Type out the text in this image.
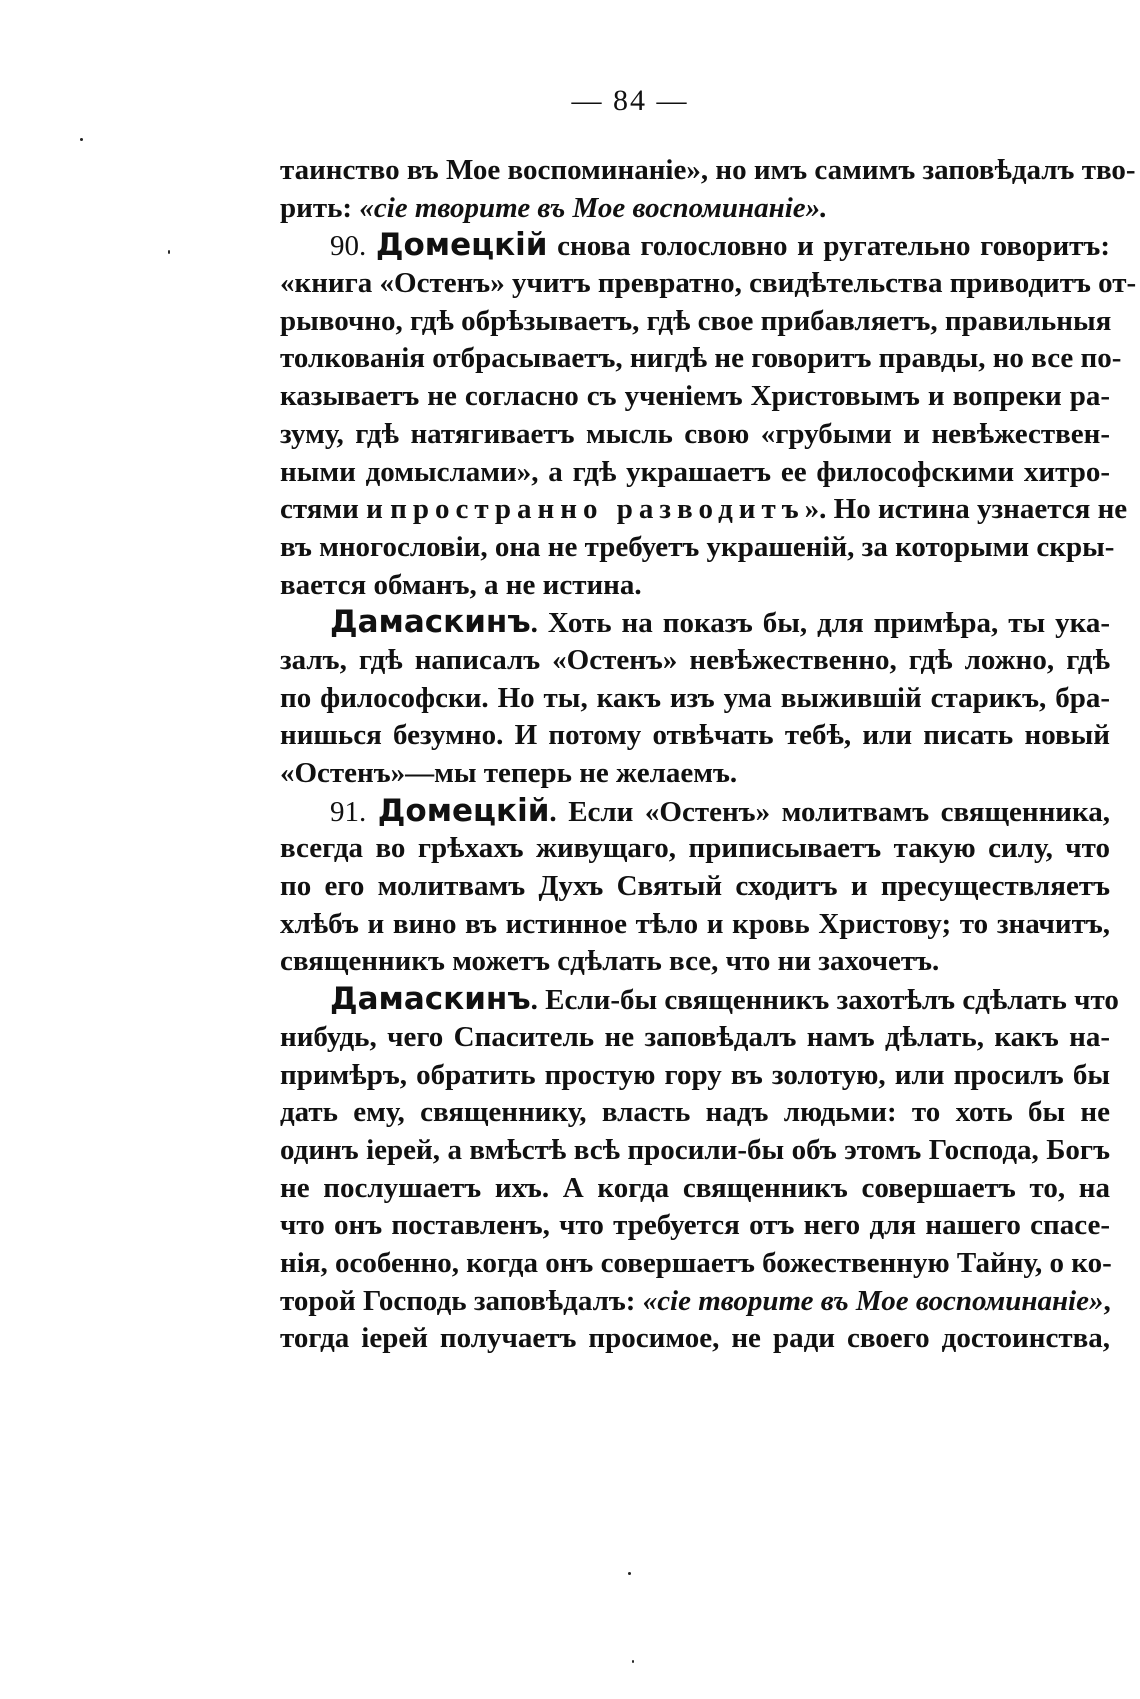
— 84 —
таинство въ Мое воспоминаніе», но имъ самимъ заповѣдалъ тво-
рить: «сіе творите въ Мое воспоминаніе».
90. Домецкій снова голословно и ругательно говоритъ:
«книга «Остенъ» учитъ превратно, свидѣтельства приводитъ от-
рывочно, гдѣ обрѣзываетъ, гдѣ свое прибавляетъ, правильныя
толкованія отбрасываетъ, нигдѣ не говоритъ правды, но все по-
казываетъ не согласно съ ученіемъ Христовымъ и вопреки ра-
зуму, гдѣ натягиваетъ мысль свою «грубыми и невѣжествен-
ными домыслами», а гдѣ украшаетъ ее философскими хитро-
стями и пространно разводитъ». Но истина узнается не
въ многословіи, она не требуетъ украшеній, за которыми скры-
вается обманъ, а не истина.
Дамаскинъ. Хоть на показъ бы, для примѣра, ты ука-
залъ, гдѣ написалъ «Остенъ» невѣжественно, гдѣ ложно, гдѣ
по философски. Но ты, какъ изъ ума выжившій старикъ, бра-
нишься безумно. И потому отвѣчать тебѣ, или писать новый
«Остенъ»—мы теперь не желаемъ.
91. Домецкій. Если «Остенъ» молитвамъ священника,
всегда во грѣхахъ живущаго, приписываетъ такую силу, что
по его молитвамъ Духъ Святый сходитъ и пресуществляетъ
хлѣбъ и вино въ истинное тѣло и кровь Христову; то значитъ,
священникъ можетъ сдѣлать все, что ни захочетъ.
Дамаскинъ. Если-бы священникъ захотѣлъ сдѣлать что
нибудь, чего Спаситель не заповѣдалъ намъ дѣлать, какъ на-
примѣръ, обратить простую гору въ золотую, или просилъ бы
дать ему, священнику, власть надъ людьми: то хоть бы не
одинъ іерей, а вмѣстѣ всѣ просили-бы объ этомъ Господа, Богъ
не послушаетъ ихъ. А когда священникъ совершаетъ то, на
что онъ поставленъ, что требуется отъ него для нашего спасе-
нія, особенно, когда онъ совершаетъ божественную Тайну, о ко-
торой Господь заповѣдалъ: «сіе творите въ Мое воспоминаніе»,
тогда іерей получаетъ просимое, не ради своего достоинства,
